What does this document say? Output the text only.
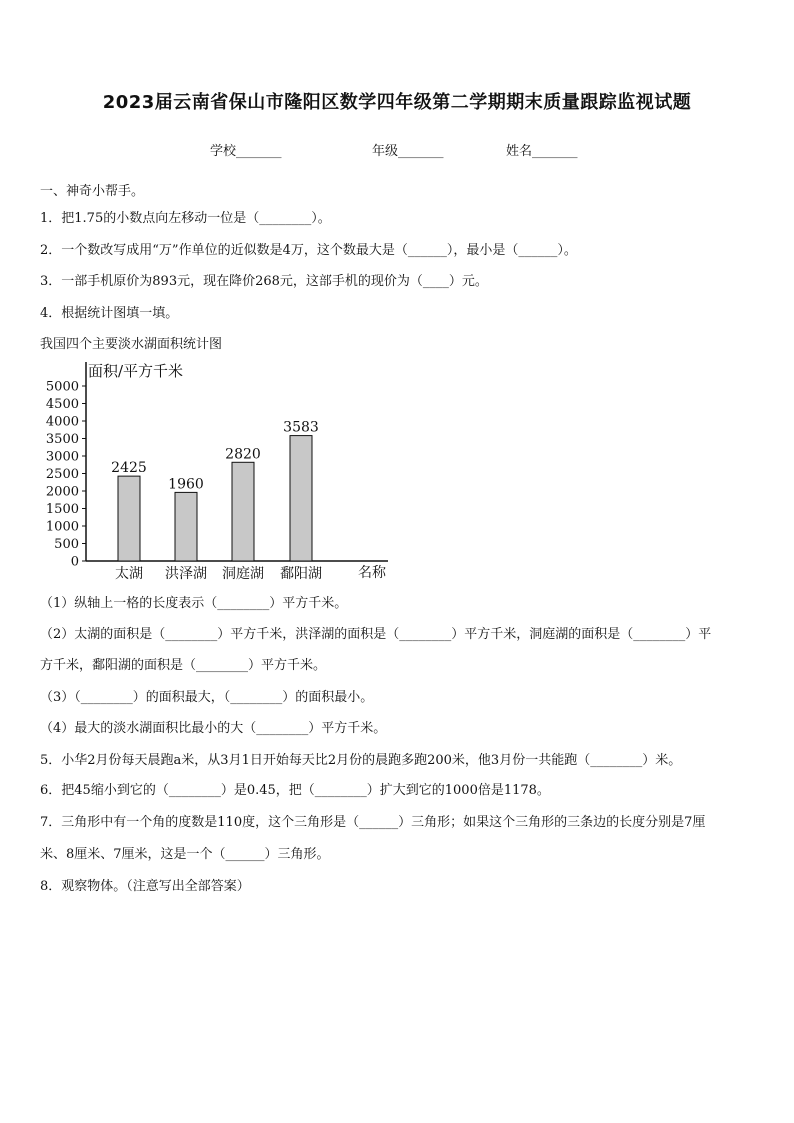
2023届云南省保山市隆阳区数学四年级第二学期期末质量跟踪监视试题
学校_______	年级_______	姓名_______
一、神奇小帮手。
1．把1.75的小数点向左移动一位是（________）。
2．一个数改写成用“万”作单位的近似数是4万，这个数最大是（______），最小是（______）。
3．一部手机原价为893元，现在降价268元，这部手机的现价为（____）元。
4．根据统计图填一填。
我国四个主要淡水湖面积统计图
0
500
1000
1500
2000
2500
3000
3500
4000
4500
5000
面积/平方千米
名称
2425
太湖
1960
洪泽湖
2820
洞庭湖
3583
鄱阳湖
（1）纵轴上一格的长度表示（________）平方千米。
（2）太湖的面积是（________）平方千米，洪泽湖的面积是（________）平方千米，洞庭湖的面积是（________）平
方千米，鄱阳湖的面积是（________）平方千米。
（3）（________）的面积最大，（________）的面积最小。
（4）最大的淡水湖面积比最小的大（________）平方千米。
5．小华2月份每天晨跑a米，从3月1日开始每天比2月份的晨跑多跑200米，他3月份一共能跑（________）米。
6．把45缩小到它的（________）是0.45，把（________）扩大到它的1000倍是1178。
7．三角形中有一个角的度数是110度，这个三角形是（______）三角形；如果这个三角形的三条边的长度分别是7厘
米、8厘米、7厘米，这是一个（______）三角形。
8．观察物体。（注意写出全部答案）
